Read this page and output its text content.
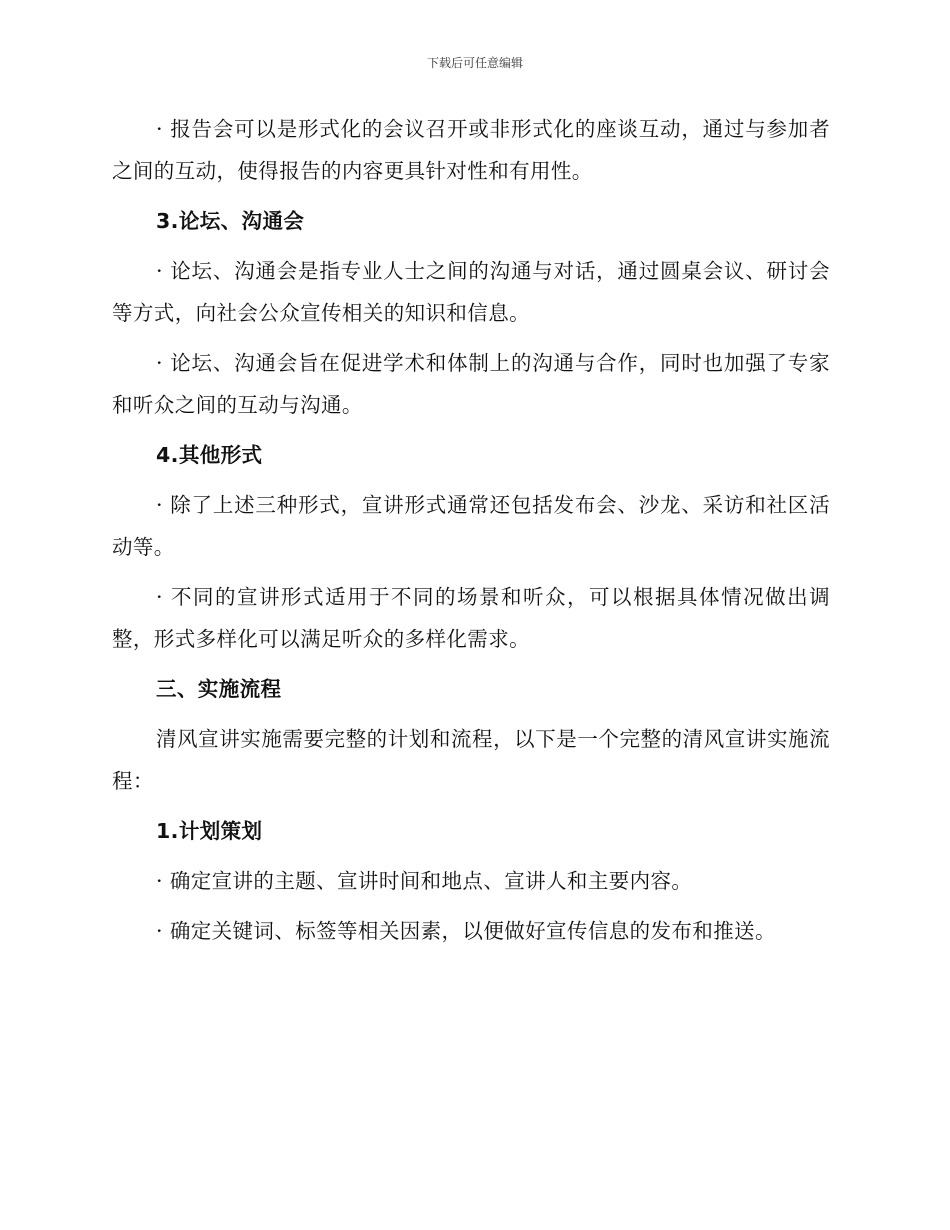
下载后可任意编辑

· 报告会可以是形式化的会议召开或非形式化的座谈互动，通过与参加者之间的互动，使得报告的内容更具针对性和有用性。

3.论坛、沟通会

· 论坛、沟通会是指专业人士之间的沟通与对话，通过圆桌会议、研讨会等方式，向社会公众宣传相关的知识和信息。

· 论坛、沟通会旨在促进学术和体制上的沟通与合作，同时也加强了专家和听众之间的互动与沟通。

4.其他形式

· 除了上述三种形式，宣讲形式通常还包括发布会、沙龙、采访和社区活动等。

· 不同的宣讲形式适用于不同的场景和听众，可以根据具体情况做出调整，形式多样化可以满足听众的多样化需求。

三、实施流程

清风宣讲实施需要完整的计划和流程，以下是一个完整的清风宣讲实施流程：

1.计划策划

· 确定宣讲的主题、宣讲时间和地点、宣讲人和主要内容。

· 确定关键词、标签等相关因素，以便做好宣传信息的发布和推送。
